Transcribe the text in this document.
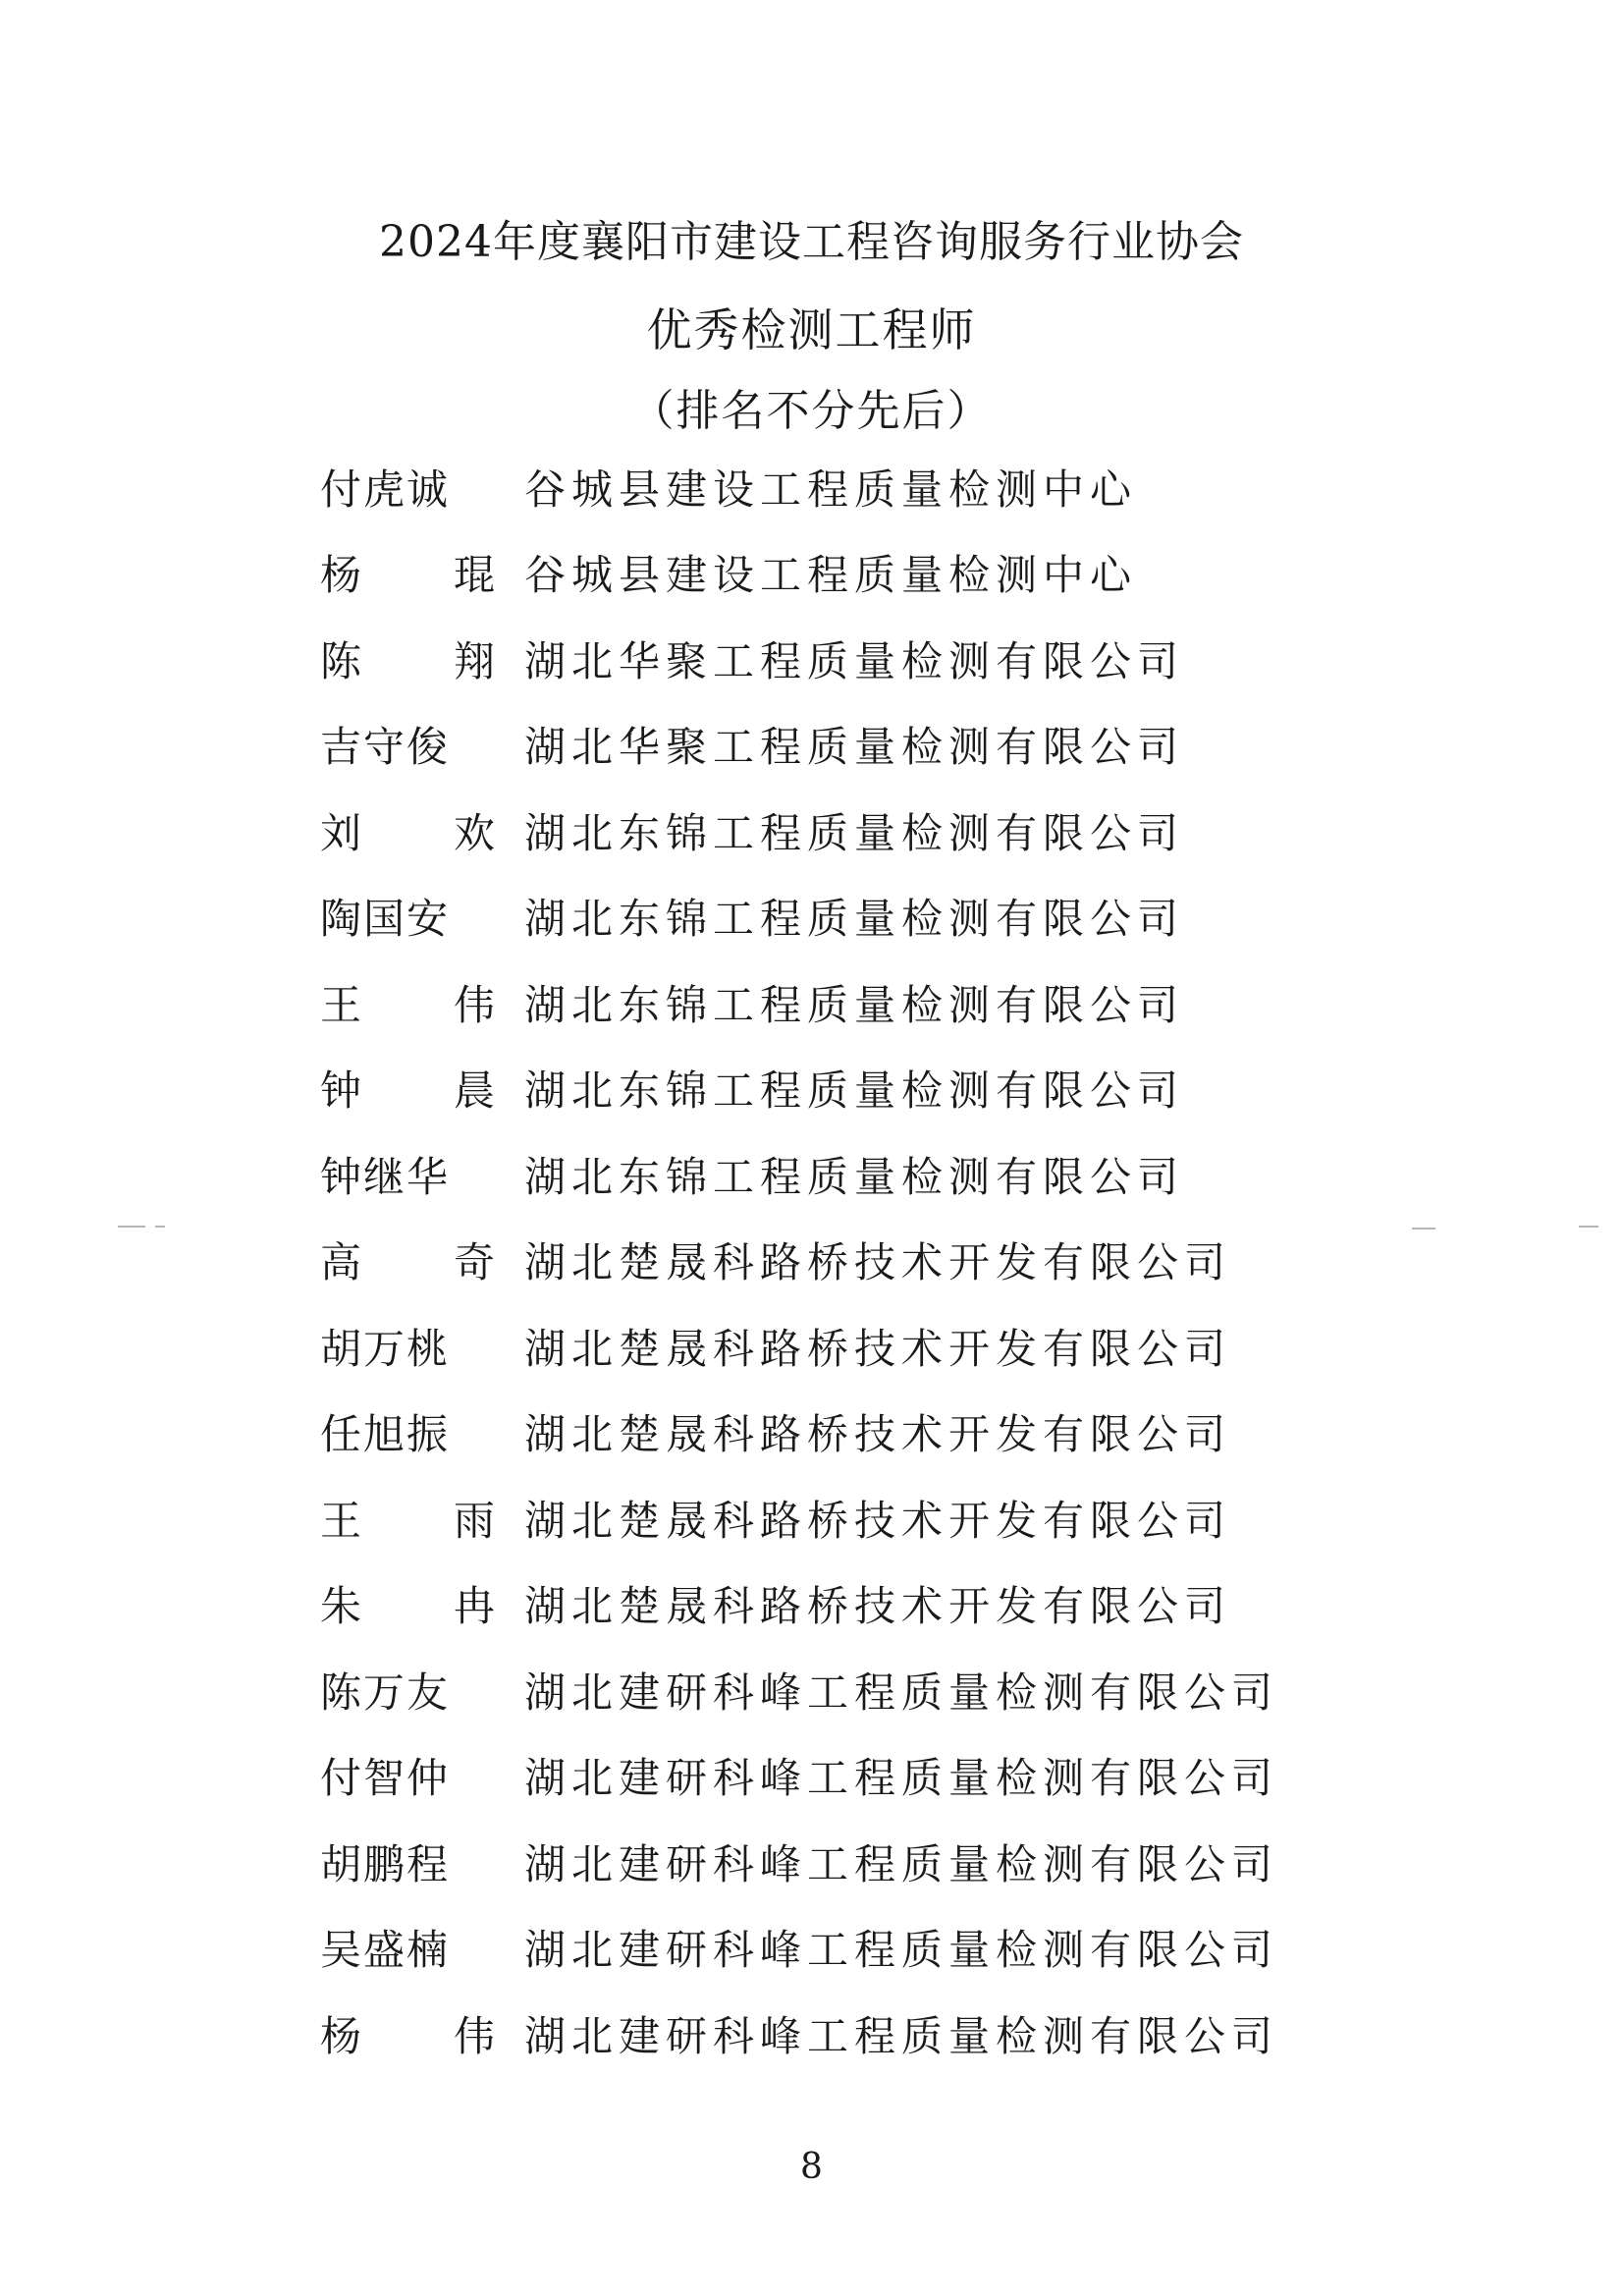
2024年度襄阳市建设工程咨询服务行业协会
优秀检测工程师
（排名不分先后）
付虎诚	谷城县建设工程质量检测中心
杨 琨 谷城县建设工程质量检测中心
陈 翔 湖北华聚工程质量检测有限公司
吉守俊	湖北华聚工程质量检测有限公司
刘 欢 湖北东锦工程质量检测有限公司
陶国安	湖北东锦工程质量检测有限公司
王 伟 湖北东锦工程质量检测有限公司
钟 晨 湖北东锦工程质量检测有限公司
钟继华	湖北东锦工程质量检测有限公司
高 奇 湖北楚晟科路桥技术开发有限公司
胡万桃	湖北楚晟科路桥技术开发有限公司
任旭振	湖北楚晟科路桥技术开发有限公司
王 雨 湖北楚晟科路桥技术开发有限公司
朱 冉 湖北楚晟科路桥技术开发有限公司
陈万友	湖北建研科峰工程质量检测有限公司
付智仲	湖北建研科峰工程质量检测有限公司
胡鹏程	湖北建研科峰工程质量检测有限公司
吴盛楠	湖北建研科峰工程质量检测有限公司
杨 伟 湖北建研科峰工程质量检测有限公司
8
